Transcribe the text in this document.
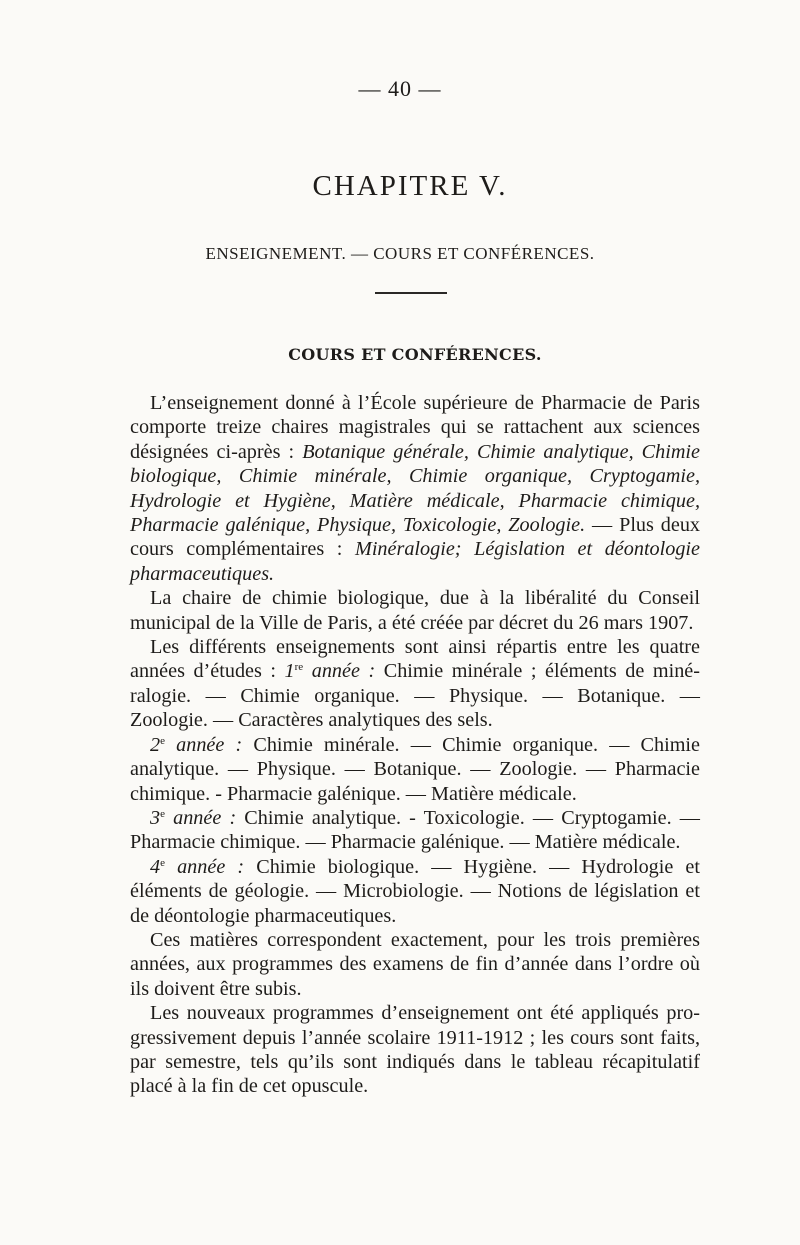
— 40 —
CHAPITRE V.
ENSEIGNEMENT. — COURS ET CONFÉRENCES.
COURS ET CONFÉRENCES.

L’enseignement donné à l’École supérieure de Pharmacie de Paris comporte treize chaires magistrales qui se rattachent aux sciences désignées ci-après : Botanique générale, Chimie analytique, Chimie biologique, Chimie minérale, Chimie organique, Cryptogamie, Hydrologie et Hygiène, Matière médicale, Pharmacie chimique, Pharmacie galénique, Physique, Toxicologie, Zoologie. — Plus deux cours complémentaires : Minéralogie; Législation et déontologie pharmaceutiques.

La chaire de chimie biologique, due à la libéralité du Conseil municipal de la Ville de Paris, a été créée par décret du 26 mars 1907.

Les différents enseignements sont ainsi répartis entre les quatre années d’études : 1re année : Chimie minérale ; éléments de minéralogie. — Chimie organique. — Physique. — Botanique. — Zoologie. — Caractères analytiques des sels.

2e année : Chimie minérale. — Chimie organique. — Chimie analytique. — Physique. — Botanique. — Zoologie. — Pharmacie chimique. - Pharmacie galénique. — Matière médicale.

3e année : Chimie analytique. - Toxicologie. — Cryptogamie. — Pharmacie chimique. — Pharmacie galénique. — Matière médicale.

4e année : Chimie biologique. — Hygiène. — Hydrologie et éléments de géologie. — Microbiologie. — Notions de législation et de déontologie pharmaceutiques.

Ces matières correspondent exactement, pour les trois premières années, aux programmes des examens de fin d’année dans l’ordre où ils doivent être subis.

Les nouveaux programmes d’enseignement ont été appliqués progressivement depuis l’année scolaire 1911-1912 ; les cours sont faits, par semestre, tels qu’ils sont indiqués dans le tableau récapitulatif placé à la fin de cet opuscule.
